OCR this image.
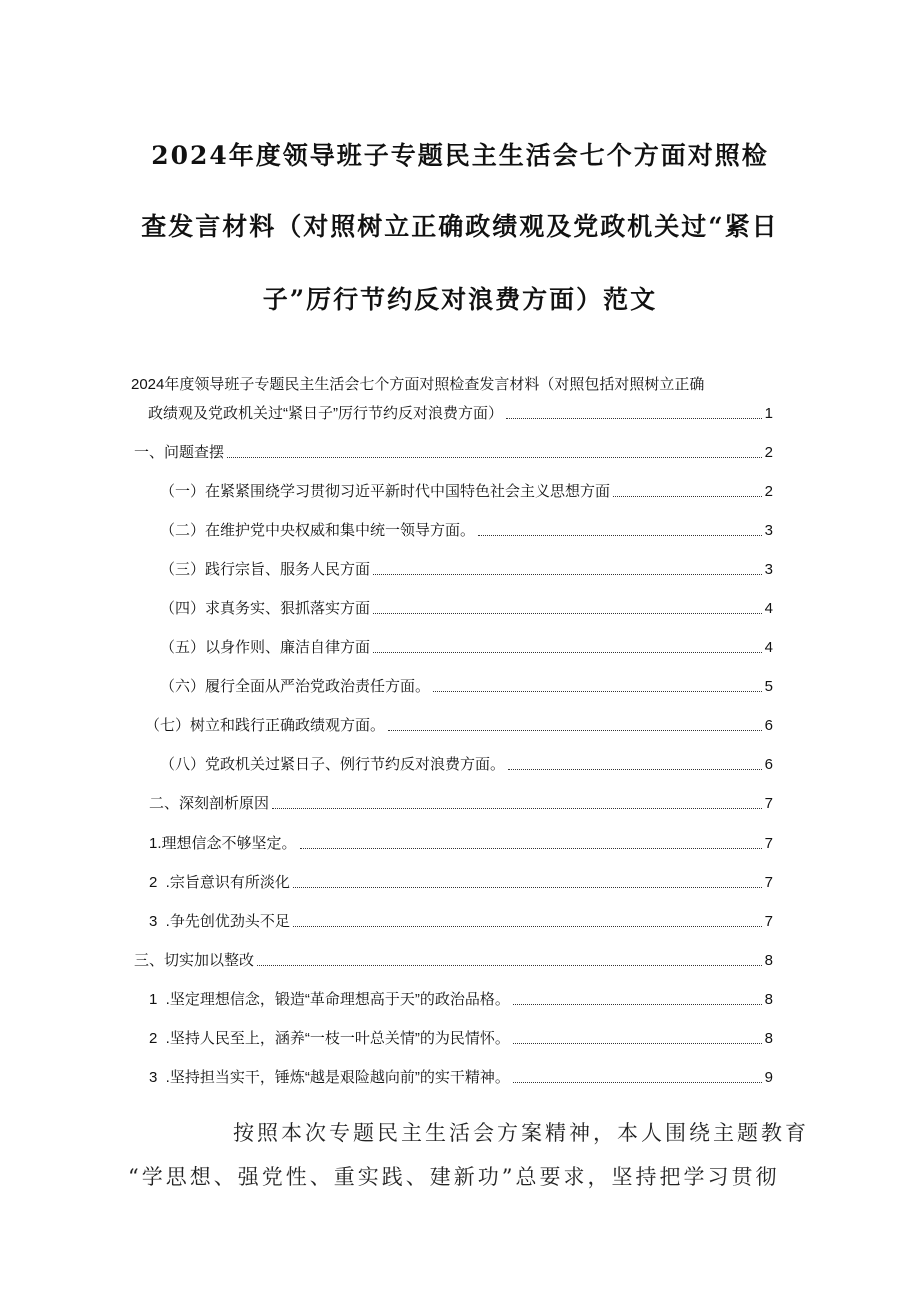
2024年度领导班子专题民主生活会七个方面对照检
查发言材料（对照树立正确政绩观及党政机关过“紧日
子”厉行节约反对浪费方面）范文
2024年度领导班子专题民主生活会七个方面对照检查发言材料（对照包括对照树立正确
政绩观及党政机关过“紧日子”厉行节约反对浪费方面）	1
一、问题查摆	2
（一）在紧紧围绕学习贯彻习近平新时代中国特色社会主义思想方面	2
（二）在维护党中央权威和集中统一领导方面。	3
（三）践行宗旨、服务人民方面	3
（四）求真务实、狠抓落实方面	4
（五）以身作则、廉洁自律方面	4
（六）履行全面从严治党政治责任方面。	5
（七）树立和践行正确政绩观方面。	6
（八）党政机关过紧日子、例行节约反对浪费方面。	6
二、深刻剖析原因	7
1.理想信念不够坚定。	7
2  .宗旨意识有所淡化	7
3  .争先创优劲头不足	7
三、切实加以整改	8
1  .坚定理想信念，锻造“革命理想高于天”的政治品格。	8
2  .坚持人民至上，涵养“一枝一叶总关情”的为民情怀。	8
3  .坚持担当实干，锤炼“越是艰险越向前”的实干精神。	9
按照本次专题民主生活会方案精神，本人围绕主题教育
“学思想、强党性、重实践、建新功”总要求，坚持把学习贯彻
